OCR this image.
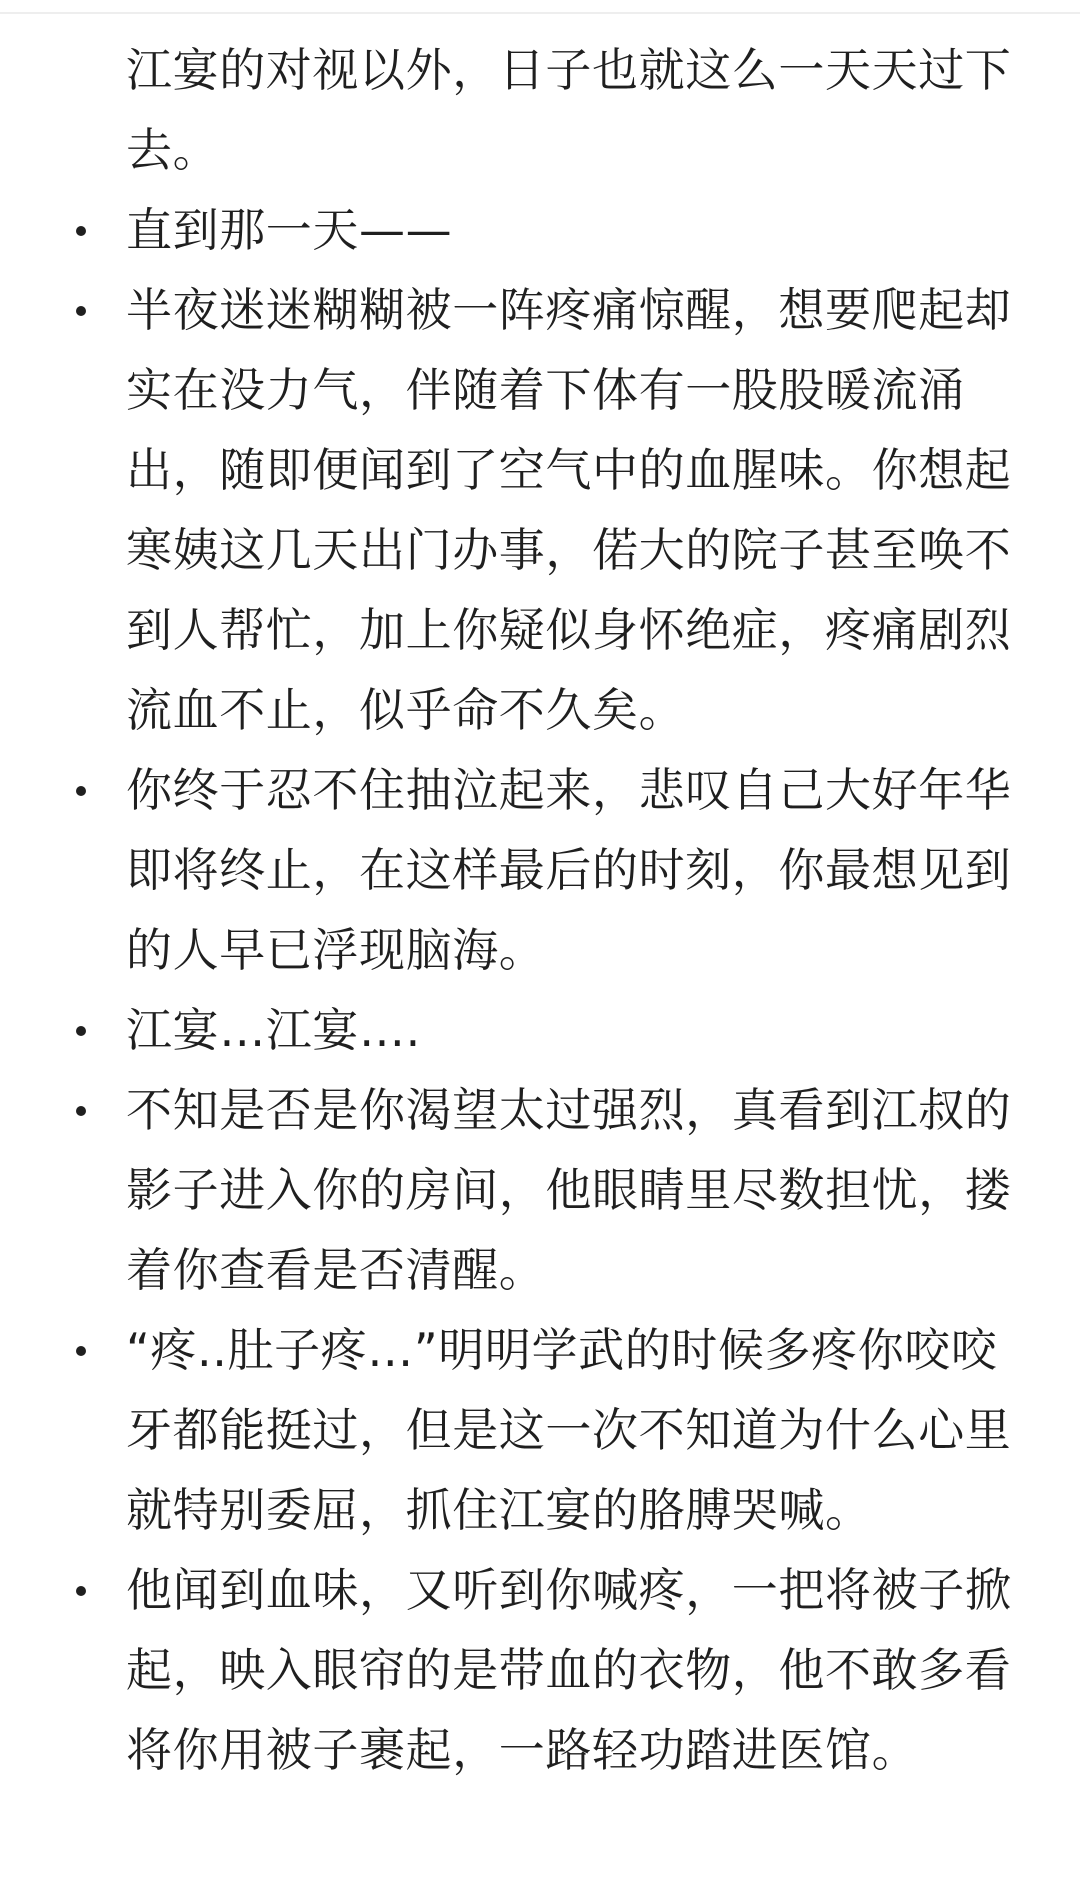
江宴的对视以外，日子也就这么一天天过下去。

直到那一天——

半夜迷迷糊糊被一阵疼痛惊醒，想要爬起却实在没力气，伴随着下体有一股股暖流涌出，随即便闻到了空气中的血腥味。你想起寒姨这几天出门办事，偌大的院子甚至唤不到人帮忙，加上你疑似身怀绝症，疼痛剧烈流血不止，似乎命不久矣。

你终于忍不住抽泣起来，悲叹自己大好年华即将终止，在这样最后的时刻，你最想见到的人早已浮现脑海。

江宴…江宴….

不知是否是你渴望太过强烈，真看到江叔的影子进入你的房间，他眼睛里尽数担忧，搂着你查看是否清醒。

“疼..肚子疼…”明明学武的时候多疼你咬咬牙都能挺过，但是这一次不知道为什么心里就特别委屈，抓住江宴的胳膊哭喊。

他闻到血味，又听到你喊疼，一把将被子掀起，映入眼帘的是带血的衣物，他不敢多看将你用被子裹起，一路轻功踏进医馆。
